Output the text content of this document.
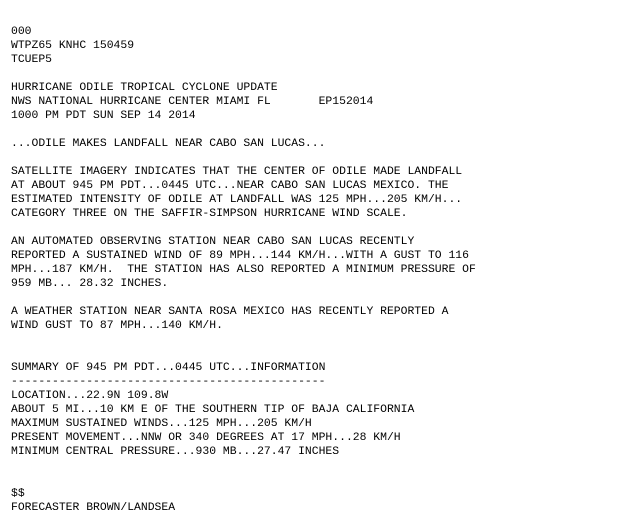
000
WTPZ65 KNHC 150459
TCUEP5
HURRICANE ODILE TROPICAL CYCLONE UPDATE
NWS NATIONAL HURRICANE CENTER MIAMI FL       EP152014
1000 PM PDT SUN SEP 14 2014
...ODILE MAKES LANDFALL NEAR CABO SAN LUCAS...
SATELLITE IMAGERY INDICATES THAT THE CENTER OF ODILE MADE LANDFALL
AT ABOUT 945 PM PDT...0445 UTC...NEAR CABO SAN LUCAS MEXICO. THE
ESTIMATED INTENSITY OF ODILE AT LANDFALL WAS 125 MPH...205 KM/H...
CATEGORY THREE ON THE SAFFIR-SIMPSON HURRICANE WIND SCALE.
AN AUTOMATED OBSERVING STATION NEAR CABO SAN LUCAS RECENTLY
REPORTED A SUSTAINED WIND OF 89 MPH...144 KM/H...WITH A GUST TO 116
MPH...187 KM/H.  THE STATION HAS ALSO REPORTED A MINIMUM PRESSURE OF
959 MB... 28.32 INCHES.
A WEATHER STATION NEAR SANTA ROSA MEXICO HAS RECENTLY REPORTED A
WIND GUST TO 87 MPH...140 KM/H.
SUMMARY OF 945 PM PDT...0445 UTC...INFORMATION
----------------------------------------------
LOCATION...22.9N 109.8W
ABOUT 5 MI...10 KM E OF THE SOUTHERN TIP OF BAJA CALIFORNIA
MAXIMUM SUSTAINED WINDS...125 MPH...205 KM/H
PRESENT MOVEMENT...NNW OR 340 DEGREES AT 17 MPH...28 KM/H
MINIMUM CENTRAL PRESSURE...930 MB...27.47 INCHES
$$
FORECASTER BROWN/LANDSEA
